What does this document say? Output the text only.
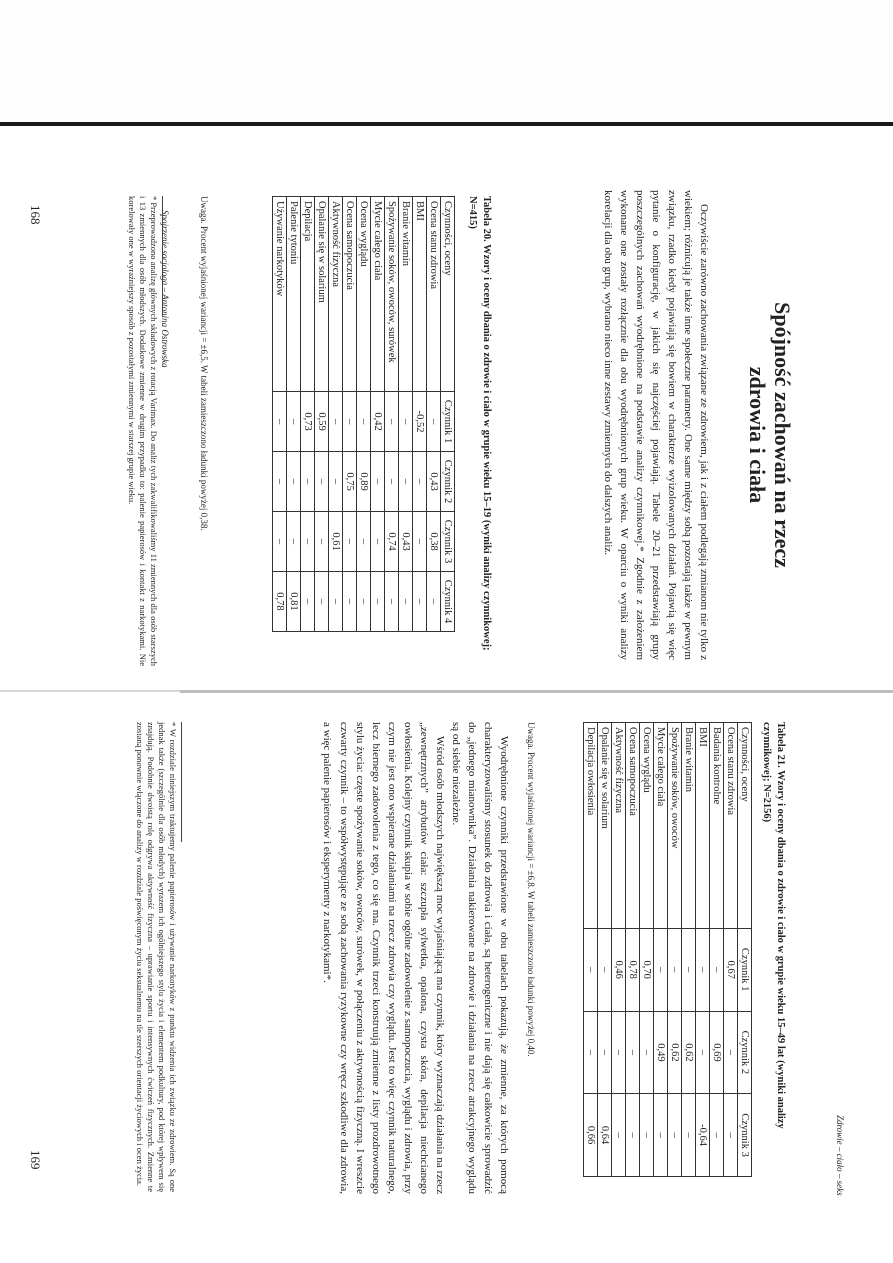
Spojrzenie socjologa – Antonina Ostrowska
Spójność zachowań na rzecz
zdrowia i ciała

Oczywiście zarówno zachowania związane ze zdrowiem, jak i z ciałem podlegają zmianom nie tylko z wiekiem; różnicują je także inne społeczne parametry. One same między sobą pozostają także w pewnym związku, rzadko kiedy pojawiają się bowiem w charakterze wyizolowanych działań. Pojawią się więc pytanie o konfigurację, w jakich się najczęściej pojawiają. Tabele 20–21 przedstawiają grupy poszczególnych zachowań wyodrębnione na podstawie analizy czynnikowej.* Zgodnie z założeniem wykonane one zostały rozłącznie dla obu wyodrębnionych grup wieku. W oparciu o wyniki analizy korelacji dla obu grup, wybrano nieco inne zestawy zmiennych do dalszych analiz.

Tabela 20. Wzory i oceny dbania o zdrowie i ciało w grupie wieku 15–19 (wyniki analizy czynnikowej; N=415)
Czynności, oceny	Czynnik 1	Czynnik 2	Czynnik 3	Czynnik 4
Ocena stanu zdrowia	–	0,43	0,38	–
BMI	-0,52	–	–	–
Branie witamin	–	–	0,43	–
Spożywanie soków, owoców, surówek	–	–	0,74	–
Mycie całego ciała	0,42	–	–	–
Ocena wyglądu	–	0,89	–	–
Ocena samopoczucia	–	0,75	–	–
Aktywność fizyczna	–	–	0,61	–
Opalanie się w solarium	0,59	–	–	–
Depilacja	0,73	–	–	–
Palenie tytoniu	–	–	–	0,81
Używanie narkotyków	–	–	–	0,78
Uwaga. Procent wyjaśnionej wariancji = ±6,5. W tabeli zamieszczono ładunki powyżej 0,38.
* Przeprowadzono analizę głównych składowych z rotacją Varimax. Do analiz tych zakwalifikowaliśmy 11 zmiennych dla osób starszych i 13 zmiennych dla osób młodszych. Dodatkowe zmienne w drugim przypadku to: palenie papierosów i kontakt z narkotykami. Nie korelowały one w wyraźniejszy sposób z pozostałymi zmiennymi w starszej grupie wieku.
168
Zdrowie – ciało – seks
Tabela 21. Wzory i oceny dbania o zdrowie i ciało w grupie wieku 15–49 lat (wyniki analizy czynnikowej; N=2156)
Czynności, oceny	Czynnik 1	Czynnik 2	Czynnik 3
Ocena stanu zdrowia	0,67	–	–
Badania kontrolne	–	0,69	–
BMI	–	–	-0,64
Branie witamin	–	0,62	–
Spożywanie soków, owoców	–	0,62	–
Mycie całego ciała	–	0,49	–
Ocena wyglądu	0,70	–	–
Ocena samopoczucia	0,78	–	–
Aktywność fizyczna	0,46	–	–
Opalanie się w solarium	–	–	0,64
Depilacja owłosienia	–	–	0,66
Uwaga. Procent wyjaśnionej wariancji = ±6,8. W tabeli zamieszczono ładunki powyżej 0,40.

Wyodrębnione czynniki przedstawione w obu tabelach pokazują, że zmienne, za których pomocą charakteryzowaliśmy stosunek do zdrowia i ciała, są heterogeniczne i nie dają się całkowicie sprowadzić do „jednego mianownika”. Działania nakierowane na zdrowie i działania na rzecz atrakcyjnego wyglądu są od siebie niezależne.

Wśród osób młodszych największą moc wyjaśniającą ma czynnik, który wyznaczają działania na rzecz „zewnętrznych” atrybutów ciała: szczupła sylwetka, opalona, czysta skóra, depilacja niechcianego owłosienia. Kolejny czynnik skupia w sobie ogólne zadowolenie z samopoczucia, wyglądu i zdrowia, przy czym nie jest ono wspierane działaniami na rzecz zdrowia czy wyglądu. Jest to więc czynnik naturalnego, lecz biernego zadowolenia z tego, co się ma. Czynnik trzeci konstruują zmienne z listy prozdrowotnego stylu życia: częste spożywanie soków, owoców, surówek, w połączeniu z aktywnością fizyczną. I wreszcie czwarty czynnik – to współwystępujące ze sobą zachowania ryzykowne czy wręcz szkodliwe dla zdrowia, a więc palenie papierosów i eksperymenty z narkotykami*.

* W rozdziale niniejszym traktujemy palenie papierosów i używanie narkotyków z punktu widzenia ich związku ze zdrowiem. Są one jednak także (szczególnie dla osób młodych) wyrazem ich ogólniejszego stylu życia i elementem podkultury, pod której wpływem się znajdują. Podobnie dwoistą rolę odgrywa aktywność fizyczna – uprawianie sportu i intensywnych ćwiczeń fizycznych. Zmienne te zostaną ponownie włączone do analizy w rozdziale poświęconym życiu seksualnemu na tle szerszych orientacji życiowych i ocen życia.
169
